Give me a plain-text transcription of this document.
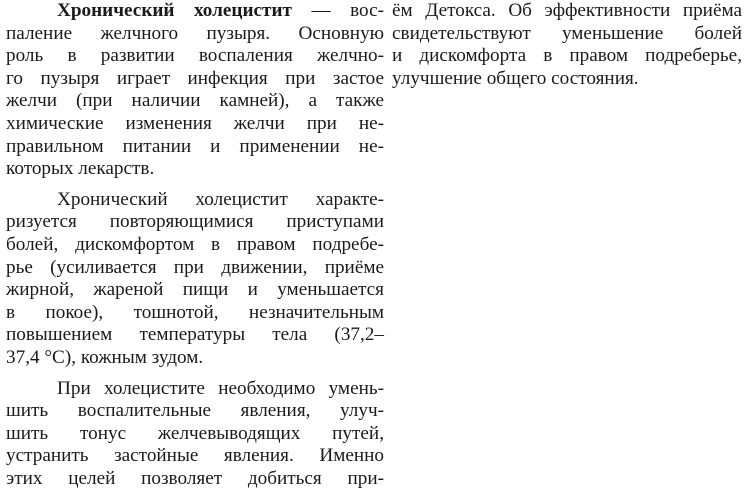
Хронический холецистит — вос-
паление желчного пузыря. Основную
роль в развитии воспаления желчно-
го пузыря играет инфекция при застое
желчи (при наличии камней), а также
химические изменения желчи при не-
правильном питании и применении не-
которых лекарств.

Хронический холецистит характе-
ризуется повторяющимися приступами
болей, дискомфортом в правом подребе-
рье (усиливается при движении, приёме
жирной, жареной пищи и уменьшается
в покое), тошнотой, незначительным
повышением температуры тела (37,2–
37,4 °С), кожным зудом.

При холецистите необходимо умень-
шить воспалительные явления, улуч-
шить тонус желчевыводящих путей,
устранить застойные явления. Именно
этих целей позволяет добиться при-

ём Детокса. Об эффективности приёма
свидетельствуют уменьшение болей
и дискомфорта в правом подреберье,
улучшение общего состояния.
